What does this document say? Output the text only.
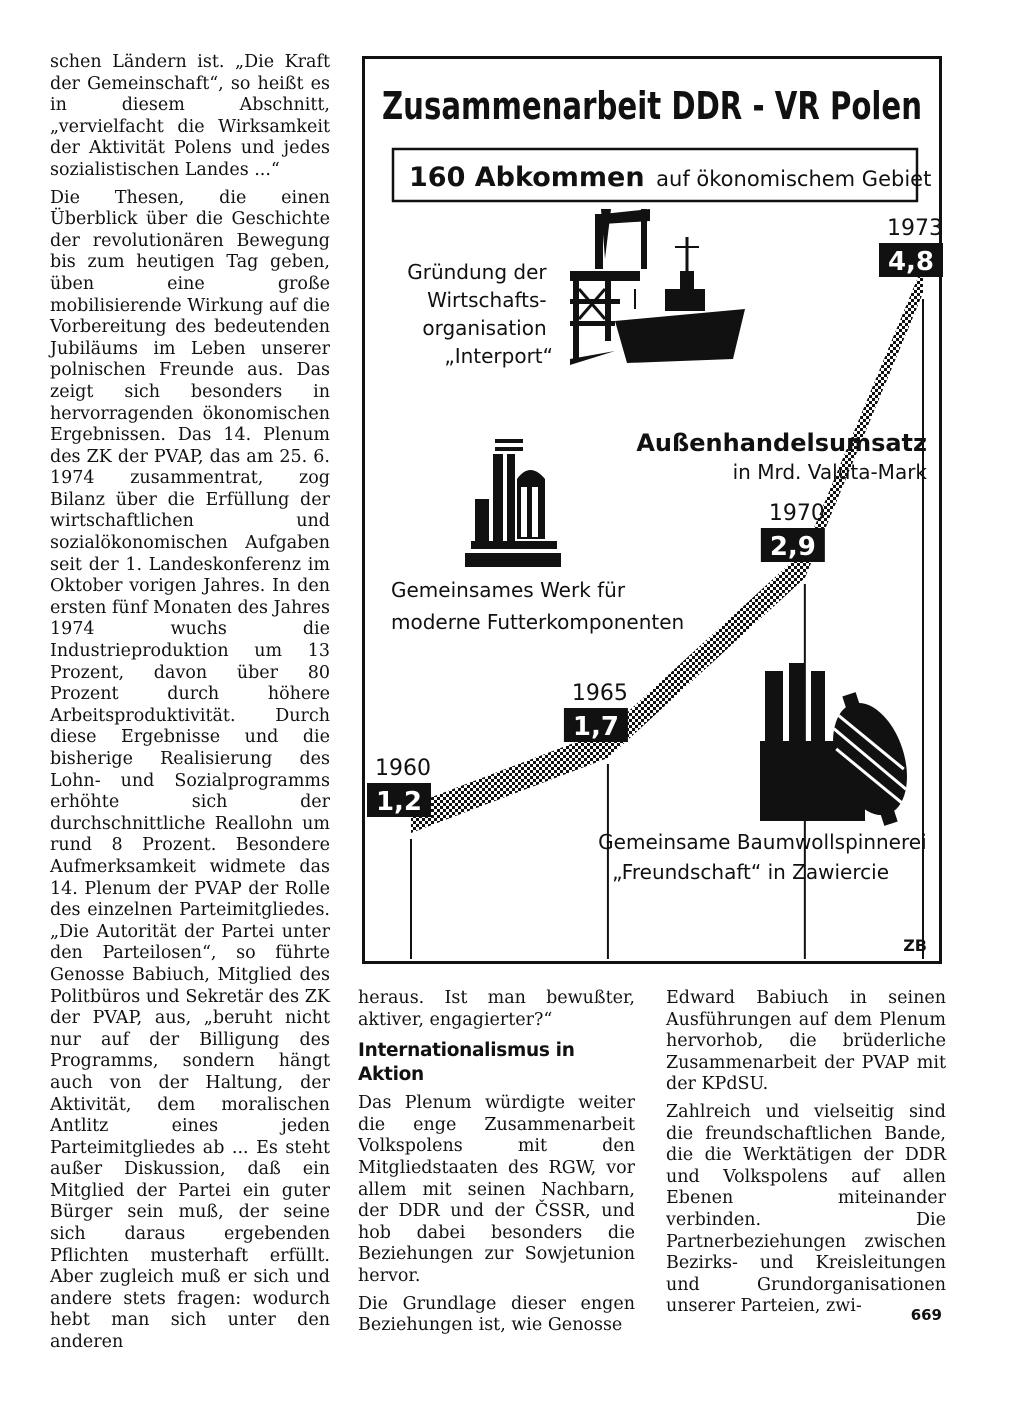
schen Ländern ist. „Die Kraft der Gemeinschaft“, so heißt es in diesem Abschnitt, „vervielfacht die Wirksamkeit der Aktivität Polens und jedes sozialistischen Landes ...“

Die Thesen, die einen Überblick über die Geschichte der revolutionären Bewegung bis zum heutigen Tag geben, üben eine große mobilisierende Wirkung auf die Vorbereitung des bedeutenden Jubiläums im Leben unserer polnischen Freunde aus. Das zeigt sich besonders in hervorragenden ökonomischen Ergebnissen. Das 14. Plenum des ZK der PVAP, das am 25. 6. 1974 zusammentrat, zog Bilanz über die Erfüllung der wirtschaftlichen und sozialökonomischen Aufgaben seit der 1. Landeskonferenz im Oktober vorigen Jahres. In den ersten fünf Monaten des Jahres 1974 wuchs die Industrieproduktion um 13 Prozent, davon über 80 Prozent durch höhere Arbeitsproduktivität. Durch diese Ergebnisse und die bisherige Realisierung des Lohn- und Sozialprogramms erhöhte sich der durchschnittliche Reallohn um rund 8 Prozent. Besondere Aufmerksamkeit widmete das 14. Plenum der PVAP der Rolle des einzelnen Parteimitgliedes. „Die Autorität der Partei unter den Parteilosen“, so führte Genosse Babiuch, Mitglied des Politbüros und Sekretär des ZK der PVAP, aus, „beruht nicht nur auf der Billigung des Programms, sondern hängt auch von der Haltung, der Aktivität, dem moralischen Antlitz eines jeden Parteimitgliedes ab ... Es steht außer Diskussion, daß ein Mitglied der Partei ein guter Bürger sein muß, der seine sich daraus ergebenden Pflichten musterhaft erfüllt. Aber zugleich muß er sich und andere stets fragen: wodurch hebt man sich unter den anderen

Zusammenarbeit DDR - VR Polen
160 Abkommen auf ökonomischem Gebiet
1960
1,2
1965
1,7
1970
2,9
1973
4,8
Außenhandelsumsatz
in Mrd. Valuta-Mark
Gründung der Wirtschafts- organisation „Interport“
Gemeinsames Werk für moderne Futterkomponenten
Gemeinsame Baumwollspinnerei „Freundschaft“ in Zawiercie
ZB

heraus. Ist man bewußter, aktiver, engagierter?“

Internationalismus in Aktion

Das Plenum würdigte weiter die enge Zusammenarbeit Volkspolens mit den Mitgliedstaaten des RGW, vor allem mit seinen Nachbarn, der DDR und der ČSSR, und hob dabei besonders die Beziehungen zur Sowjetunion hervor.

Die Grundlage dieser engen Beziehungen ist, wie Genosse

Edward Babiuch in seinen Ausführungen auf dem Plenum hervorhob, die brüderliche Zusammenarbeit der PVAP mit der KPdSU.

Zahlreich und vielseitig sind die freundschaftlichen Bande, die die Werktätigen der DDR und Volkspolens auf allen Ebenen miteinander verbinden. Die Partnerbeziehungen zwischen Bezirks- und Kreisleitungen und Grundorganisationen unserer Parteien, zwi-	669
